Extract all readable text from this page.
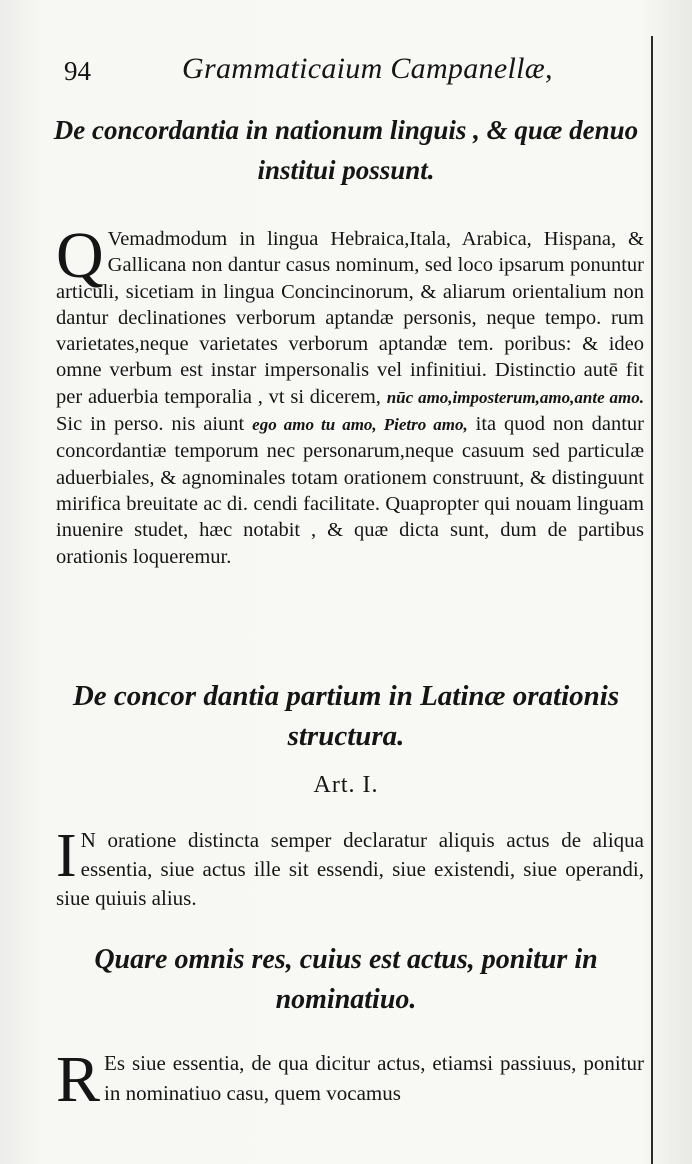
94	Grammaticaium Campanellæ,
De concordantia in nationum linguis , & quæ denuo institui possunt.
Q Vemadmodum in lingua Hebraica,Itala, Arabica, Hispana, & Gallicana non dantur casus nominum, sed loco ipsarum ponuntur articuli, sicetiam in lingua Concincinorum, & aliarum orientalium non dantur declinationes verborum aptandæ personis, neque tempo. rum varietates,neque varietates verborum aptandæ tem. poribus: & ideo omne verbum est instar impersonalis vel infinitiui. Distinctio autē fit per aduerbia temporalia , vt si dicerem, nūc amo,imposterum,amo,ante amo. Sic in perso. nis aiunt ego amo tu amo, Pietro amo, ita quod non dantur concordantiæ temporum nec personarum,neque casuum sed particulæ aduerbiales, & agnominales totam orationem construunt, & distinguunt mirifica breuitate ac di. cendi facilitate. Quapropter qui nouam linguam inuenire studet, hæc notabit , & quæ dicta sunt, dum de partibus orationis loqueremur.
De concor dantia partium in Latinæ orationis structura.
Art. I.
I N oratione distincta semper declaratur aliquis actus de aliqua essentia, siue actus ille sit essendi, siue existendi, siue operandi, siue quiuis alius.
Quare omnis res, cuius est actus, ponitur in nominatiuo.
R Es siue essentia, de qua dicitur actus, etiamsi passiuus, ponitur in nominatiuo casu, quem vocamus
